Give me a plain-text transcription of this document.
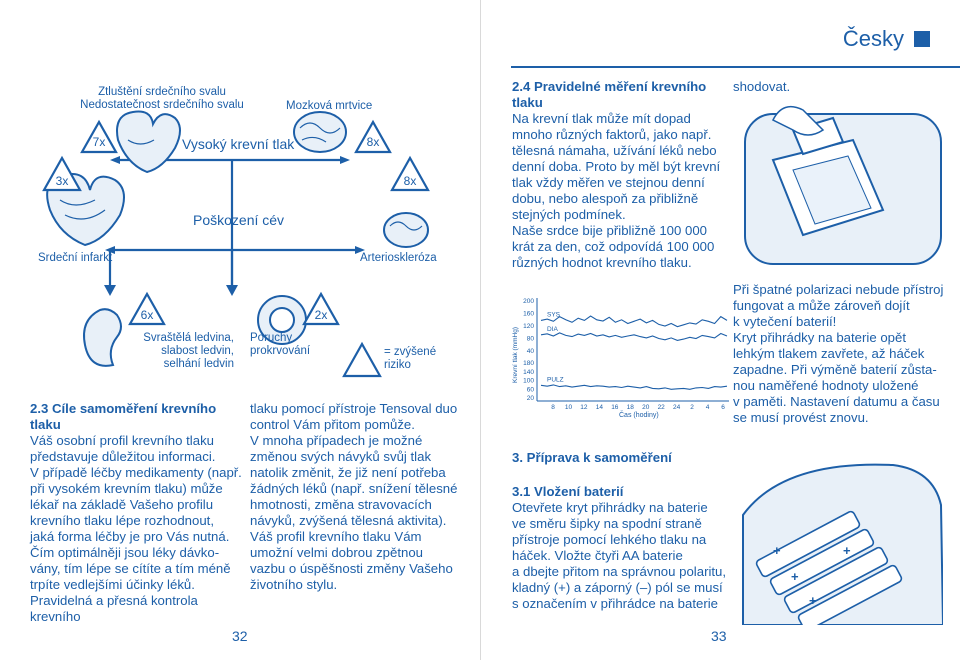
3x
7x	8x
8x
6x	2x
Ztluštění srdečního svalu
Nedostatečnost srdečního svalu	Mozková mrtvice
Vysoký krevní tlak
Poškození cév
Srdeční infarkt	Arterioskleróza
Svraštělá ledvina,
slabost ledvin,
selhání ledvin
Poruchy
prokrvování	= zvýšené
riziko
2.3 Cíle samoměření krevního
tlaku
Váš osobní profil krevního tlaku
představuje důležitou informaci.
V případě léčby medikamenty (např.
při vysokém krevním tlaku) může
lékař na základě Vašeho profilu
krevního tlaku lépe rozhodnout,
jaká forma léčby je pro Vás nutná.
Čím optimálněji jsou léky dávko-
vány, tím lépe se cítíte a tím méně
trpíte vedlejšími účinky léků.
Pravidelná a přesná kontrola krevního
tlaku pomocí přístroje Tensoval duo
control Vám přitom pomůže.
V mnoha případech je možné
změnou svých návyků svůj tlak
natolik změnit, že již není potřeba
žádných léků (např. snížení tělesné
hmotnosti, změna stravovacích
návyků, zvýšená tělesná aktivita).
Váš profil krevního tlaku Vám
umožní velmi dobrou zpětnou
vazbu o úspěšnosti změny Vašeho
životního stylu.
32
Česky
2.4 Pravidelné měření krevního
tlaku
Na krevní tlak může mít dopad
mnoho různých faktorů, jako např.
tělesná námaha, užívání léků nebo
denní doba. Proto by měl být krevní
tlak vždy měřen ve stejnou denní
dobu, nebo alespoň za přibližně
stejných podmínek.
Naše srdce bije přibližně 100 000
krát za den, což odpovídá 100 000
různých hodnot krevního tlaku.
Krevní tlak (mmHg)
Čas (hodiny)
200
160
120
80
40
180
140
100
60
20
8 10 12 14 16 18 20 22 24 2 4 6
SYS
DIA
PULZ
3. Příprava k samoměření
3.1 Vložení baterií
Otevřete kryt přihrádky na baterie
ve směru šipky na spodní straně
přístroje pomocí lehkého tlaku na
háček. Vložte čtyři AA baterie
a dbejte přitom na správnou polaritu,
kladný (+) a záporný (–) pól se musí
s označením v přihrádce na baterie
shodovat.
Při špatné polarizaci nebude přístroj
fungovat a může zároveň dojít
k vytečení baterií!
Kryt přihrádky na baterie opět
lehkým tlakem zavřete, až háček
zapadne. Při výměně baterií zůsta-
nou naměřené hodnoty uložené
v paměti. Nastavení datumu a času
se musí provést znovu.
+
+
+
+
33
